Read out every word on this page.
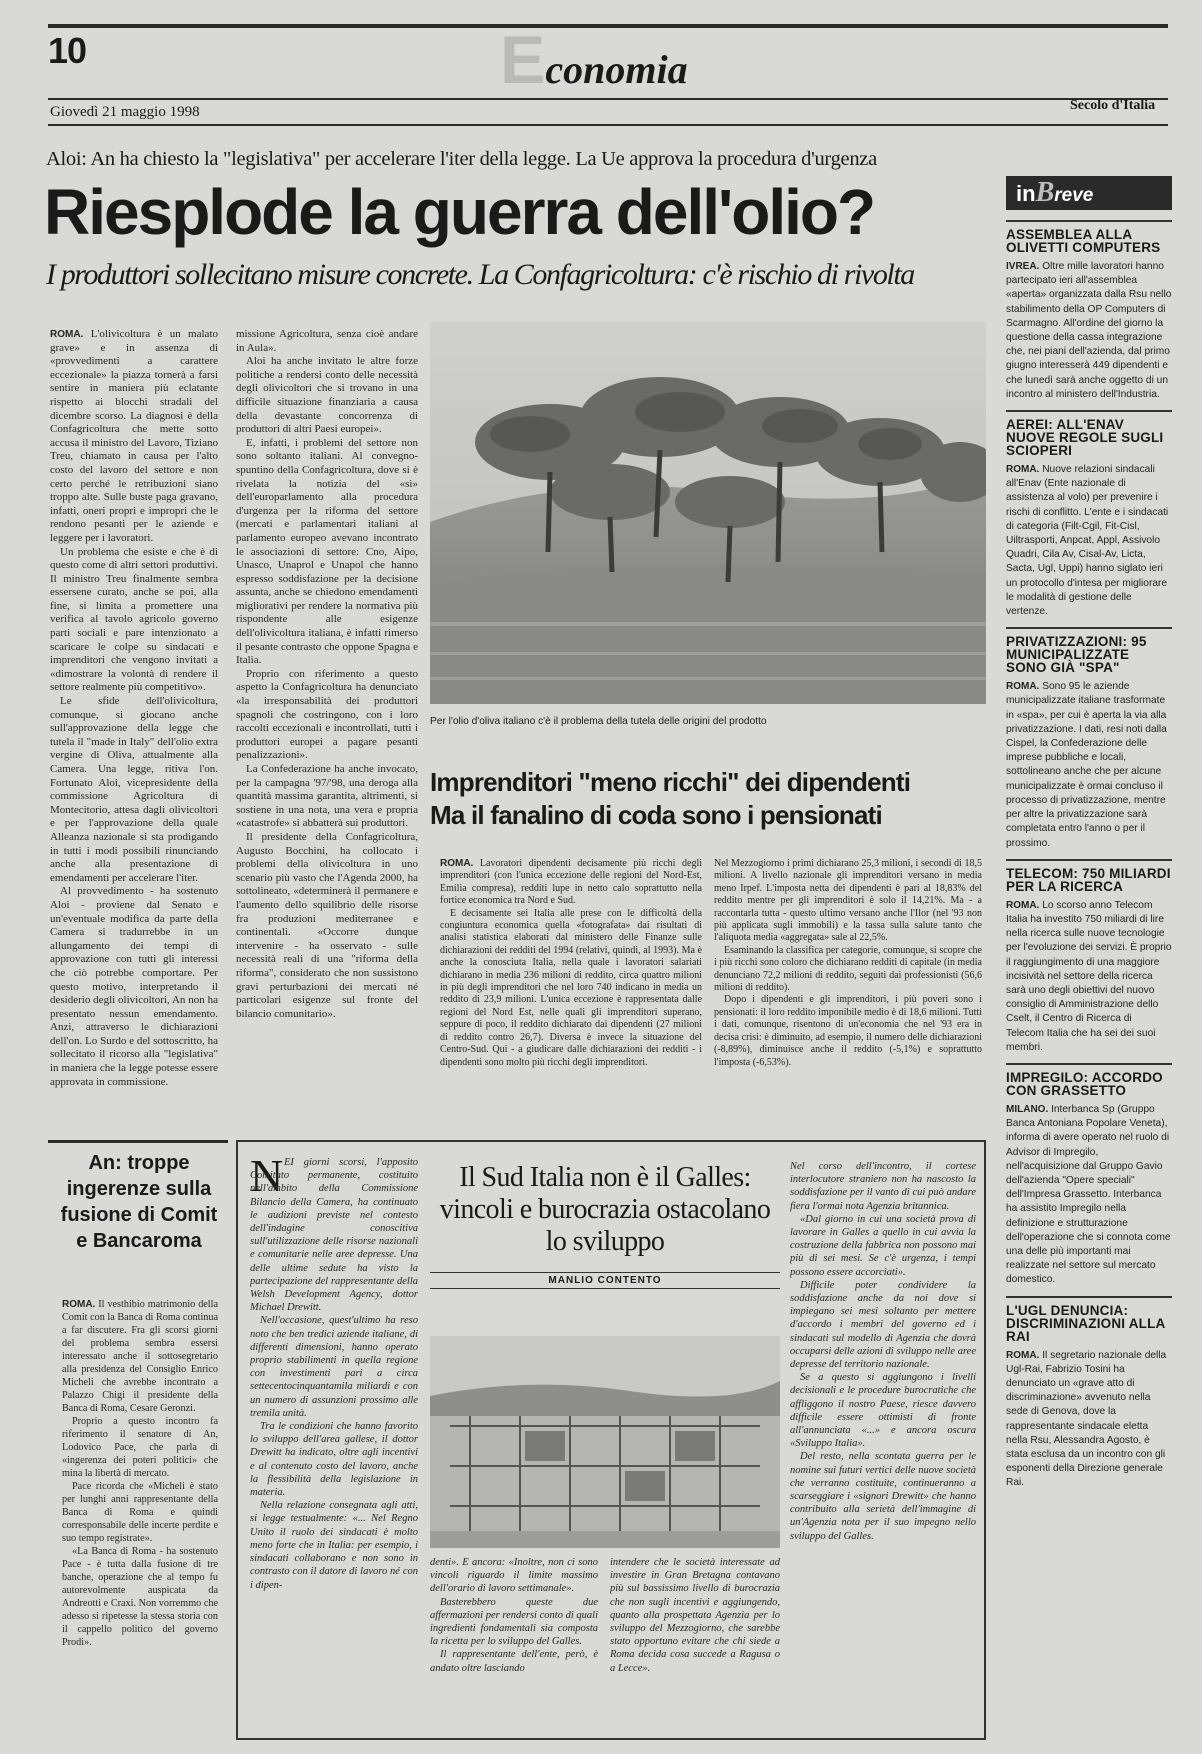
10	Economia
Giovedì 21 maggio 1998	Secolo d'Italia
Aloi: An ha chiesto la "legislativa" per accelerare l'iter della legge. La Ue approva la procedura d'urgenza
Riesplode la guerra dell'olio?
I produttori sollecitano misure concrete. La Confagricoltura: c'è rischio di rivolta

ROMA. L'olivicoltura è un malato grave» e in assenza di «provvedimenti a carattere eccezionale» la piazza tornerà a farsi sentire in maniera più eclatante rispetto ai blocchi stradali del dicembre scorso. La diagnosi è della Confagricoltura che mette sotto accusa il ministro del Lavoro, Tiziano Treu, chiamato in causa per l'alto costo del lavoro del settore e non certo perché le retribuzioni siano troppo alte. Sulle buste paga gravano, infatti, oneri propri e impropri che le rendono pesanti per le aziende e leggere per i lavoratori.

Un problema che esiste e che è di questo come di altri settori produttivi. Il ministro Treu finalmente sembra essersene curato, anche se poi, alla fine, si limita a promettere una verifica al tavolo agricolo governo parti sociali e pare intenzionato a scaricare le colpe su sindacati e imprenditori che vengono invitati a «dimostrare la volontà di rendere il settore realmente più competitivo».

Le sfide dell'olivicoltura, comunque, si giocano anche sull'approvazione della legge che tutela il "made in Italy" dell'olio extra vergine di Oliva, attualmente alla Camera. Una legge, ritiva l'on. Fortunato Aloi, vicepresidente della commissione Agricoltura di Montecitorio, attesa dagli olivicoltori e per l'approvazione della quale Alleanza nazionale si sta prodigando in tutti i modi possibili rinunciando anche alla presentazione di emendamenti per accelerare l'iter.

Al provvedimento - ha sostenuto Aloi - proviene dal Senato e un'eventuale modifica da parte della Camera si tradurrebbe in un allungamento dei tempi di approvazione con tutti gli interessi che ciò potrebbe comportare. Per questo motivo, interpretando il desiderio degli olivicoltori, An non ha presentato nessun emendamento. Anzi, attraverso le dichiarazioni dell'on. Lo Surdo e del sottoscritto, ha sollecitato il ricorso alla "legislativa" in maniera che la legge potesse essere approvata in commissione.

missione Agricoltura, senza cioè andare in Aula».

Aloi ha anche invitato le altre forze politiche a rendersi conto delle necessità degli olivicoltori che si trovano in una difficile situazione finanziaria a causa della devastante concorrenza di produttori di altri Paesi europei».

E, infatti, i problemi del settore non sono soltanto italiani. Al convegno-spuntino della Confagricoltura, dove si è rivelata la notizia del «sì» dell'europarlamento alla procedura d'urgenza per la riforma del settore (mercati e parlamentari italiani al parlamento europeo avevano incontrato le associazioni di settore: Cno, Aipo, Unasco, Unaprol e Unapol che hanno espresso soddisfazione per la decisione assunta, anche se chiedono emendamenti migliorativi per rendere la normativa più rispondente alle esigenze dell'olivicoltura italiana, è infatti rimerso il pesante contrasto che oppone Spagna e Italia.

Proprio con riferimento a questo aspetto la Confagricoltura ha denunciato «la irresponsabilità dei produttori spagnoli che costringono, con i loro raccolti eccezionali e incontrollati, tutti i produttori europei a pagare pesanti penalizzazioni».

La Confederazione ha anche invocato, per la campagna '97/'98, una deroga alla quantità massima garantita, altrimenti, si sostiene in una nota, una vera e propria «catastrofe» si abbatterà sui produttori.

Il presidente della Confagricoltura, Augusto Bocchini, ha collocato i problemi della olivicoltura in uno scenario più vasto che l'Agenda 2000, ha sottolineato, «determinerà il permanere e l'aumento dello squilibrio delle risorse fra produzioni mediterranee e continentali. «Occorre dunque intervenire - ha osservato - sulle necessità reali di una "riforma della riforma", considerato che non sussistono gravi perturbazioni dei mercati né particolari esigenze sul fronte del bilancio comunitario».

Per l'olio d'oliva italiano c'è il problema della tutela delle origini del prodotto
Imprenditori "meno ricchi" dei dipendenti
Ma il fanalino di coda sono i pensionati

ROMA. Lavoratori dipendenti decisamente più ricchi degli imprenditori (con l'unica eccezione delle regioni del Nord-Est, Emilia compresa), redditi lupe in netto calo soprattutto nella fortice economica tra Nord e Sud.

E decisamente sei Italia alle prese con le difficoltà della congiuntura economica quella «fotografata» dai risultati di analisi statistica elaborati dal ministero delle Finanze sulle dichiarazioni dei redditi del 1994 (relativi, quindi, al 1993). Ma è anche la conosciuta Italia, nella quale i lavoratori salariati dichiarano in media 236 milioni di reddito, circa quattro milioni in più degli imprenditori che nel loro 740 indicano in media un reddito di 23,9 milioni. L'unica eccezione è rappresentata dalle regioni del Nord Est, nelle quali gli imprenditori superano, seppure di poco, il reddito dichiarato dai dipendenti (27 milioni di reddito contro 26,7). Diversa è invece la situazione del Centro-Sud. Qui - a giudicare dalle dichiarazioni dei redditi - i dipendenti sono molto più ricchi degli imprenditori.

Nel Mezzogiorno i primi dichiarano 25,3 milioni, i secondi di 18,5 milioni. A livello nazionale gli imprenditori versano in media meno Irpef. L'imposta netta dei dipendenti è pari al 18,83% del reddito mentre per gli imprenditori è solo il 14,21%. Ma - a raccontarla tutta - questo ultimo versano anche l'Ilor (nel '93 non più applicata sugli immobili) e la tassa sulla salute tanto che l'aliquota media «aggregata» sale al 22,5%.

Esaminando la classifica per categorie, comunque, si scopre che i più ricchi sono coloro che dichiarano redditi di capitale (in media denunciano 72,2 milioni di reddito, seguiti dai professionisti (56,6 milioni di reddito).

Dopo i dipendenti e gli imprenditori, i più poveri sono i pensionati: il loro reddito imponibile medio è di 18,6 milioni. Tutti i dati, comunque, risentono di un'economia che nel '93 era in decisa crisi: è diminuito, ad esempio, il numero delle dichiarazioni (-8,89%), diminuisce anche il reddito (-5,1%) e soprattutto l'imposta (-6,53%).

An: troppe ingerenze sulla fusione di Comit e Bancaroma

ROMA. Il vesthibio matrimonio della Comit con la Banca di Roma continua a far discutere. Fra gli scorsi giorni del problema sembra essersi interessato anche il sottosegretario alla presidenza del Consiglio Enrico Micheli che avrebbe incontrato a Palazzo Chigi il presidente della Banca di Roma, Cesare Geronzi.

Proprio a questo incontro fa riferimento il senatore di An, Lodovico Pace, che parla di «ingerenza dei poteri politici» che mina la libertà di mercato.

Pace ricorda che «Micheli è stato per lunghi anni rappresentante della Banca di Roma e quindi corresponsabile delle incerte perdite e suo tempo registrate».

«La Banca di Roma - ha sostenuto Pace - è tutta dalla fusione di tre banche, operazione che al tempo fu autorevolmente auspicata da Andreotti e Craxi. Non vorremmo che adesso si ripetesse la stessa storia con il cappello politico del governo Prodi».

N EI giorni scorsi, l'apposito Comitato permanente, costituito nell'ambito della Commissione Bilancio della Camera, ha continuato le audizioni previste nel contesto dell'indagine conoscitiva sull'utilizzazione delle risorse nazionali e comunitarie nelle aree depresse. Una delle ultime sedute ha visto la partecipazione del rappresentante della Welsh Development Agency, dottor Michael Drewitt.

Nell'occasione, quest'ultimo ha reso noto che ben tredici aziende italiane, di differenti dimensioni, hanno operato proprio stabilimenti in quella regione con investimenti pari a circa settecentocinquantamila miliardi e con un numero di assunzioni prossimo alle tremila unità.

Tra le condizioni che hanno favorito lo sviluppo dell'area gallese, il dottor Drewitt ha indicato, oltre agli incentivi e al contenuto costo del lavoro, anche la flessibilità della legislazione in materia.

Nella relazione consegnata agli atti, si legge testualmente: «... Nel Regno Unito il ruolo dei sindacati è molto meno forte che in Italia: per esempio, i sindacati collaborano e non sono in contrasto con il datore di lavoro né con i dipen-

Il Sud Italia non è il Galles: vincoli e burocrazia ostacolano lo sviluppo
MANLIO CONTENTO

denti». E ancora: «Inoltre, non ci sono vincoli riguardo il limite massimo dell'orario di lavoro settimanale».

Basterebbero queste due affermazioni per rendersi conto di quali ingredienti fondamentali sia composta la ricetta per lo sviluppo del Galles.

Il rappresentante dell'ente, però, è andato oltre lasciando

intendere che le società interessate ad investire in Gran Bretagna contavano più sul bassissimo livello di burocrazia che non sugli incentivi e aggiungendo, quanto alla prospettata Agenzia per lo sviluppo del Mezzogiorno, che sarebbe stato opportuno evitare che chi siede a Roma decida cosa succede a Ragusa o a Lecce».

Nel corso dell'incontro, il cortese interlocutore straniero non ha nascosto la soddisfazione per il vanto di cui può andare fiera l'ormai nota Agenzia britannica.

«Dal giorno in cui una società prova di lavorare in Galles a quello in cui avvia la costruzione della fabbrica non possono mai più di sei mesi. Se c'è urgenza, i tempi possono essere accorciati».

Difficile poter condividere la soddisfazione anche da noi dove si impiegano sei mesi soltanto per mettere d'accordo i membri del governo ed i sindacati sul modello di Agenzia che dovrà occuparsi delle azioni di sviluppo nelle aree depresse del territorio nazionale.

Se a questo si aggiungono i livelli decisionali e le procedure burocratiche che affliggono il nostro Paese, riesce davvero difficile essere ottimisti di fronte all'annunciata «...» e ancora oscura «Sviluppo Italia».

Del resto, nella scontata guerra per le nomine sui futuri vertici delle nuove società che verranno costituite, continueranno a scarseggiare i «signori Drewitt» che hanno contribuito alla serietà dell'immagine di un'Agenzia nota per il suo impegno nello sviluppo del Galles.

inBreve
ASSEMBLEA ALLA OLIVETTI COMPUTERS
IVREA. Oltre mille lavoratori hanno partecipato ieri all'assemblea «aperta» organizzata dalla Rsu nello stabilimento della OP Computers di Scarmagno. All'ordine del giorno la questione della cassa integrazione che, nei piani dell'azienda, dal primo giugno interesserà 449 dipendenti e che lunedì sarà anche oggetto di un incontro al ministero dell'Industria.
AEREI: ALL'ENAV NUOVE REGOLE SUGLI SCIOPERI
ROMA. Nuove relazioni sindacali all'Enav (Ente nazionale di assistenza al volo) per prevenire i rischi di conflitto. L'ente e i sindacati di categoria (Filt-Cgil, Fit-Cisl, Uiltrasporti, Anpcat, Appl, Assivolo Quadri, Cila Av, Cisal-Av, Licta, Sacta, Ugl, Uppi) hanno siglato ieri un protocollo d'intesa per migliorare le modalità di gestione delle vertenze.
PRIVATIZZAZIONI: 95 MUNICIPALIZZATE SONO GIÀ "SPA"
ROMA. Sono 95 le aziende municipalizzate italiane trasformate in «spa», per cui è aperta la via alla privatizzazione. I dati, resi noti dalla Cispel, la Confederazione delle imprese pubbliche e locali, sottolineano anche che per alcune municipalizzate è ormai concluso il processo di privatizzazione, mentre per altre la privatizzazione sarà completata entro l'anno o per il prossimo.
TELECOM: 750 MILIARDI PER LA RICERCA
ROMA. Lo scorso anno Telecom Italia ha investito 750 miliardi di lire nella ricerca sulle nuove tecnologie per l'evoluzione dei servizi. È proprio il raggiungimento di una maggiore incisività nel settore della ricerca sarà uno degli obiettivi del nuovo consiglio di Amministrazione dello Cselt, il Centro di Ricerca di Telecom Italia che ha sei dei suoi membri.
IMPREGILO: ACCORDO CON GRASSETTO
MILANO. Interbanca Sp (Gruppo Banca Antoniana Popolare Veneta), informa di avere operato nel ruolo di Advisor di Impregilo, nell'acquisizione dal Gruppo Gavio dell'azienda "Opere speciali" dell'Impresa Grassetto. Interbanca ha assistito Impregilo nella definizione e strutturazione dell'operazione che si connota come una delle più importanti mai realizzate nel settore sul mercato domestico.
L'UGL DENUNCIA: DISCRIMINAZIONI ALLA RAI
ROMA. Il segretario nazionale della Ugl-Rai, Fabrizio Tosini ha denunciato un «grave atto di discriminazione» avvenuto nella sede di Genova, dove la rappresentante sindacale eletta nella Rsu, Alessandra Agosto, è stata esclusa da un incontro con gli esponenti della Direzione generale Rai.
